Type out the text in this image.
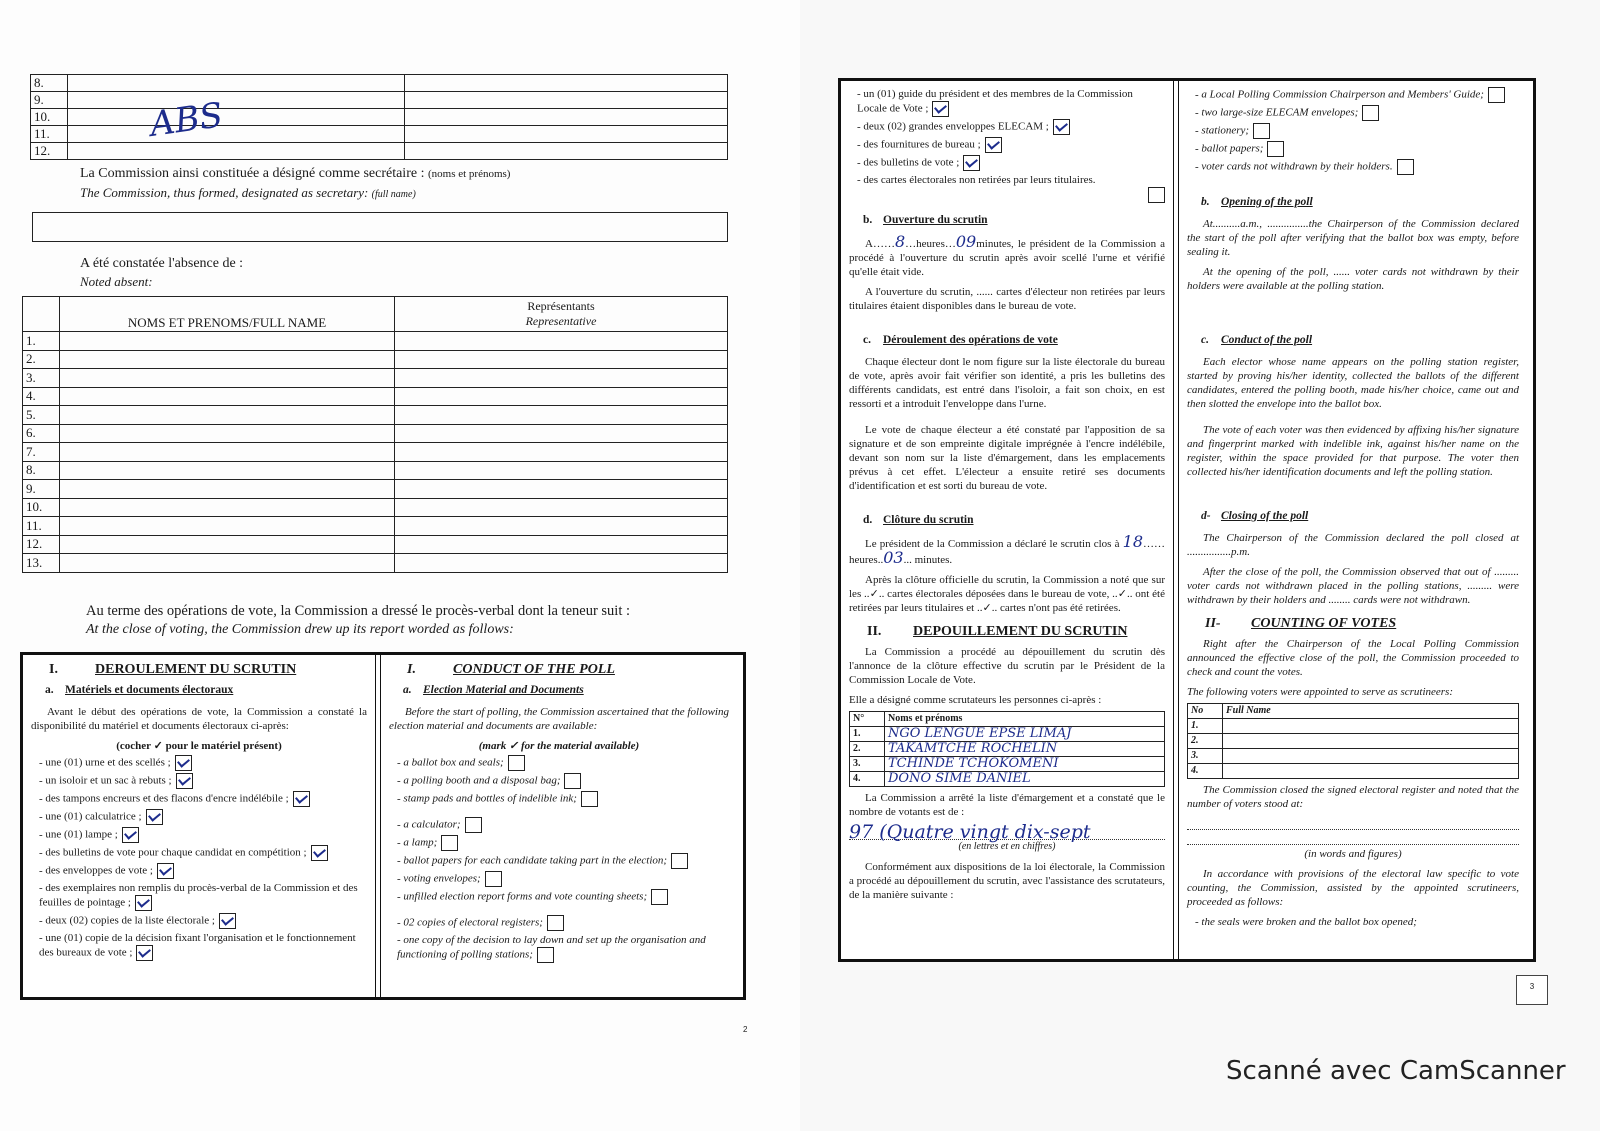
8.		
9.		
10.		
11.		
12.		
ABS
La Commission ainsi constituée a désigné comme secrétaire : (noms et prénoms)
The Commission, thus formed, designated as secretary: (full name)
A été constatée l'absence de :
Noted absent:
	NOMS ET PRENOMS/FULL NAME	Représentants
Representative

1.		
2.		
3.		
4.		
5.		
6.		
7.		
8.		
9.		
10.		
11.		
12.		
13.		
Au terme des opérations de vote, la Commission a dressé le procès-verbal dont la teneur suit :
At the close of voting, the Commission drew up its report worded as follows:
I.	DEROULEMENT DU SCRUTIN
a. Matériels et documents électoraux

Avant le début des opérations de vote, la Commission a constaté la disponibilité du matériel et documents électoraux ci-après:

(cocher ✓ pour le matériel présent)
- une (01) urne et des scellés ;
- un isoloir et un sac à rebuts ;
- des tampons encreurs et des flacons d'encre indélébile ;
- une (01) calculatrice ;
- une (01) lampe ;
- des bulletins de vote pour chaque candidat en compétition ;
- des enveloppes de vote ;
- des exemplaires non remplis du procès-verbal de la Commission et des feuilles de pointage ;
- deux (02) copies de la liste électorale ;
- une (01) copie de la décision fixant l'organisation et le fonctionnement des bureaux de vote ;
I.	CONDUCT OF THE POLL
a. Election Material and Documents

Before the start of polling, the Commission ascertained that the following election material and documents are available:

(mark ✓ for the material available)
- a ballot box and seals;
- a polling booth and a disposal bag;
- stamp pads and bottles of indelible ink;
- a calculator;
- a lamp;
- ballot papers for each candidate taking part in the election;
- voting envelopes;
- unfilled election report forms and vote counting sheets;
- 02 copies of electoral registers;
- one copy of the decision to lay down and set up the organisation and functioning of polling stations;
2
- un (01) guide du président et des membres de la Commission Locale de Vote ;
- deux (02) grandes enveloppes ELECAM ;
- des fournitures de bureau ;
- des bulletins de vote ;
- des cartes électorales non retirées par leurs titulaires.
b. Ouverture du scrutin

A……8…heures…09minutes, le président de la Commission a procédé à l'ouverture du scrutin après avoir scellé l'urne et vérifié qu'elle était vide.

A l'ouverture du scrutin, ...... cartes d'électeur non retirées par leurs titulaires étaient disponibles dans le bureau de vote.

c. Déroulement des opérations de vote

Chaque électeur dont le nom figure sur la liste électorale du bureau de vote, après avoir fait vérifier son identité, a pris les bulletins des différents candidats, est entré dans l'isoloir, a fait son choix, en est ressorti et a introduit l'enveloppe dans l'urne.

Le vote de chaque électeur a été constaté par l'apposition de sa signature et de son empreinte digitale imprégnée à l'encre indélébile, devant son nom sur la liste d'émargement, dans les emplacements prévus à cet effet. L'électeur a ensuite retiré ses documents d'identification et est sorti du bureau de vote.

d. Clôture du scrutin

Le président de la Commission a déclaré le scrutin clos à 18……heures..03... minutes.

Après la clôture officielle du scrutin, la Commission a noté que sur les ..✓.. cartes électorales déposées dans le bureau de vote, ..✓.. ont été retirées par leurs titulaires et ..✓.. cartes n'ont pas été retirées.

II. DEPOUILLEMENT DU SCRUTIN

La Commission a procédé au dépouillement du scrutin dès l'annonce de la clôture effective du scrutin par le Président de la Commission Locale de Vote.

Elle a désigné comme scrutateurs les personnes ci-après :
N°	Noms et prénoms
1.	NGO LENGUE EPSE LIMAJ
2.	TAKAMTCHE ROCHELIN
3.	TCHINDE TCHOKOMENI
4.	DONO SIME DANIEL

La Commission a arrêté la liste d'émargement et a constaté que le nombre de votants est de :

97 (Quatre vingt dix-sept
(en lettres et en chiffres)

Conformément aux dispositions de la loi électorale, la Commission a procédé au dépouillement du scrutin, avec l'assistance des scrutateurs, de la manière suivante :

- a Local Polling Commission Chairperson and Members' Guide;
- two large-size ELECAM envelopes;
- stationery;
- ballot papers;
- voter cards not withdrawn by their holders.
b. Opening of the poll

At..........a.m., ...............the Chairperson of the Commission declared the start of the poll after verifying that the ballot box was empty, before sealing it.

At the opening of the poll, ...... voter cards not withdrawn by their holders were available at the polling station.

c. Conduct of the poll

Each elector whose name appears on the polling station register, started by proving his/her identity, collected the ballots of the different candidates, entered the polling booth, made his/her choice, came out and then slotted the envelope into the ballot box.

The vote of each voter was then evidenced by affixing his/her signature and fingerprint marked with indelible ink, against his/her name on the register, within the space provided for that purpose. The voter then collected his/her identification documents and left the polling station.

d- Closing of the poll

The Chairperson of the Commission declared the poll closed at ................p.m.

After the close of the poll, the Commission observed that out of ......... voter cards not withdrawn placed in the polling stations, ......... were withdrawn by their holders and ........ cards were not withdrawn.

II- COUNTING OF VOTES

Right after the Chairperson of the Local Polling Commission announced the effective close of the poll, the Commission proceeded to check and count the votes.

The following voters were appointed to serve as scrutineers:
No	Full Name
1.	
2.	
3.	
4.	

The Commission closed the signed electoral register and noted that the number of voters stood at:

(in words and figures)

In accordance with provisions of the electoral law specific to vote counting, the Commission, assisted by the appointed scrutineers, proceeded as follows:

- the seals were broken and the ballot box opened;
3
Scanné avec CamScanner
